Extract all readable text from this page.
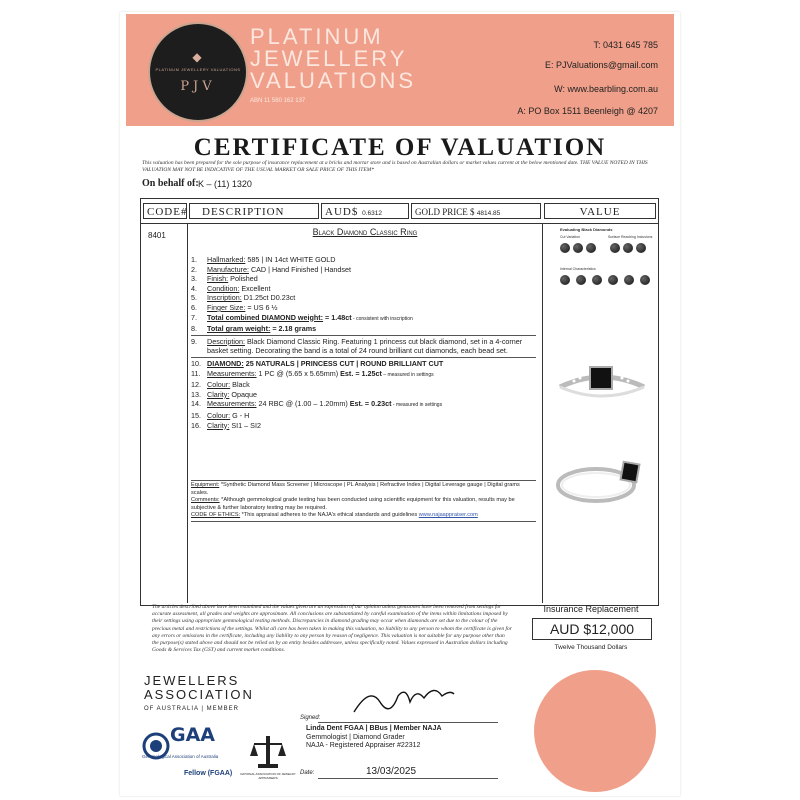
◆
PLATINUM JEWELLERY VALUATIONS
PJV
PLATINUM
JEWELLERY
VALUATIONS
ABN 11 580 162 137
T: 0431 645 785
E: PJValuations@gmail.com
W: www.bearbling.com.au
A: PO Box 1511 Beenleigh @ 4207
CERTIFICATE OF VALUATION
This valuation has been prepared for the sole purpose of insurance replacement at a bricks and mortar store and is based on Australian dollars or market values current at the below mentioned date. THE VALUE NOTED IN THIS VALUATION MAY NOT BE INDICATIVE OF THE USUAL MARKET OR SALE PRICE OF THIS ITEM*
On behalf of: K – (11) 1320
CODE#	DESCRIPTION	AUD$ 0.6312	GOLD PRICE $ 4814.85	VALUE
8401	Black Diamond Classic Ring
1.	Hallmarked: 585 | IN 14ct WHITE GOLD
2.	Manufacture: CAD | Hand Finished | Handset
3.	Finish: Polished
4.	Condition: Excellent
5.	Inscription: D1.25ct D0.23ct
6.	Finger Size: = US 6 ½
7.	Total combined DIAMOND weight: = 1.48ct - consistent with inscription
8.	Total gram weight: = 2.18 grams
9.	Description: Black Diamond Classic Ring. Featuring 1 princess cut black diamond, set in a 4-corner basket setting. Decorating the band is a total of 24 round brilliant cut diamonds, each bead set.
10. DIAMOND: 25 NATURALS | PRINCESS CUT | ROUND BRILLIANT CUT
11. Measurements: 1 PC @ (5.65 x 5.65mm) Est. = 1.25ct – measured in settings
12. Colour: Black
13. Clarity: Opaque
14. Measurements: 24 RBC @ (1.00 – 1.20mm) Est. = 0.23ct - measured in settings
15. Colour: G - H
16. Clarity: SI1 – SI2
Equipment: *Synthetic Diamond Mass Screener | Microscope | PL Analysis | Refractive Index | Digital Leverage gauge | Digital grams scales.
Comments: *Although gemmological grade testing has been conducted using scientific equipment for this valuation, results may be subjective & further laboratory testing may be required.
CODE OF ETHICS: *This appraisal adheres to the NAJA's ethical standards and guidelines www.najaappraiser.com
Evaluating Black Diamonds
Cut Variation	Surface Reaching Inclusions
Internal Characteristics
The articles described above have been examined and the values given are an expression of our opinion unless gemstones have been removed from settings for accurate assessment, all grades and weights are approximate. All conclusions are substantiated by careful examination of the items within limitations imposed by their settings using appropriate gemmological testing methods. Discrepancies in diamond grading may occur when diamonds are set due to the colour of the precious metal and restrictions of the settings. Whilst all care has been taken in making this valuation, no liability to any person to whom the certificate is given for any errors or omissions in the certificate, including any liability to any person by reason of negligence. This valuation is not suitable for any purpose other than the purpose(s) stated above and should not be relied on by an entity besides addressee, unless specifically noted. Values expressed in Australian dollars including Goods & Services Tax (GST) and current market conditions.
Insurance Replacement
AUD $12,000
Twelve Thousand Dollars
JEWELLERS
ASSOCIATION
OF AUSTRALIA | MEMBER
Signed:
Linda Dent FGAA | BBus | Member NAJA
Gemmologist | Diamond Grader
NAJA - Registered Appraiser #22312
GAA
Gemmological Association of Australia
Fellow (FGAA)	NATIONAL ASSOCIATION OF JEWELRY APPRAISERS
Date:	13/03/2025
